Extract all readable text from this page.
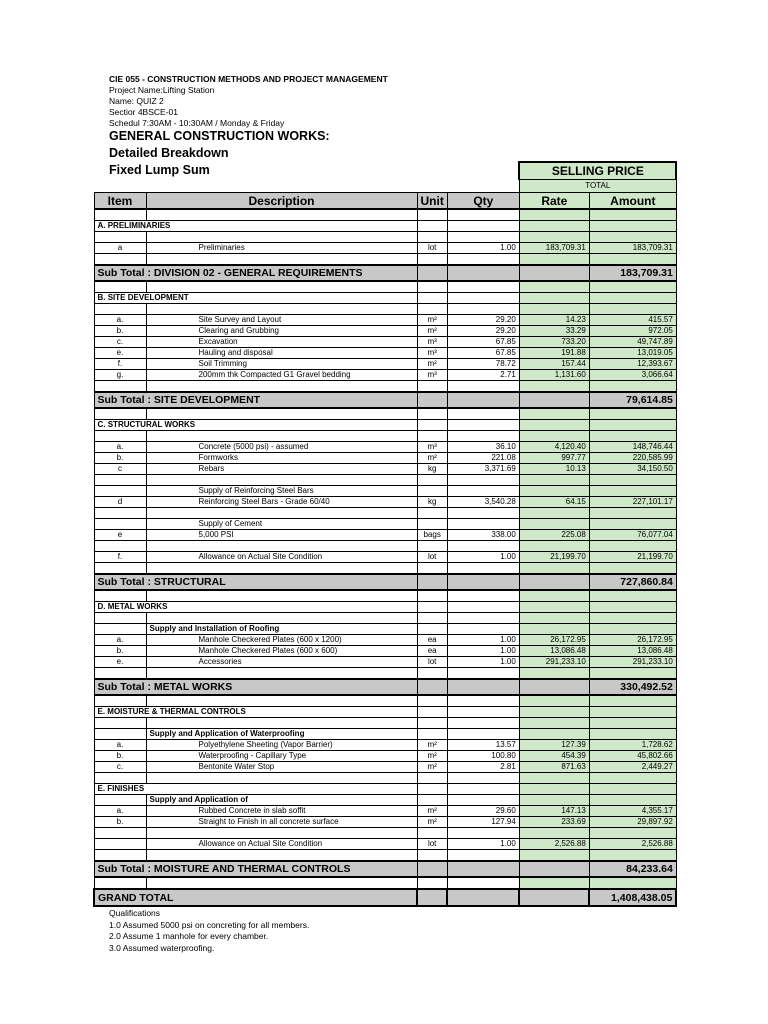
CIE 055 - CONSTRUCTION METHODS AND PROJECT MANAGEMENT
Project Name:Lifting Station
Name: QUIZ 2
Sectior 4BSCE-01
Schedul 7:30AM - 10:30AM / Monday & Friday
GENERAL CONSTRUCTION WORKS:
Detailed Breakdown
Fixed Lump Sum
				SELLING PRICE	
				TOTAL	
Item	Description	Unit	Qty	Rate	Amount

A. PRELIMINARIES					

a	Preliminaries	lot	1.00	183,709.31	183,709.31

Sub Total : DIVISION 02 - GENERAL REQUIREMENTS					183,709.31

B. SITE DEVELOPMENT					

a.	Site Survey and Layout	m²	29.20	14.23	415.57
b.	Clearing and Grubbing	m²	29.20	33.29	972.05
c.	Excavation	m³	67.85	733.20	49,747.89
e.	Hauling and disposal	m³	67.85	191.88	13,019.05
f.	Soil Trimming	m²	78.72	157.44	12,393.67
g.	200mm thk Compacted G1 Gravel bedding	m³	2.71	1,131.60	3,066.64

Sub Total : SITE DEVELOPMENT					79,614.85

C. STRUCTURAL WORKS					

a.	Concrete (5000 psi) - assumed	m³	36.10	4,120.40	148,746.44
b.	Formworks	m²	221.08	997.77	220,585.99
c	Rebars	kg	3,371.69	10.13	34,150.50

	Supply of Reinforcing Steel Bars				
d	Reinforcing Steel Bars - Grade 60/40	kg	3,540.28	64.15	227,101.17

	Supply of Cement				
e	5,000 PSI	bags	338.00	225.08	76,077.04

f.	Allowance on Actual Site Condition	lot	1.00	21,199.70	21,199.70

Sub Total : STRUCTURAL					727,860.84

D. METAL WORKS					

	Supply and Installation of Roofing				
a.	Manhole Checkered Plates (600 x 1200)	ea	1.00	26,172.95	26,172.95
b.	Manhole Checkered Plates (600 x 600)	ea	1.00	13,086.48	13,086.48
e.	Accessories	lot	1.00	291,233.10	291,233.10

Sub Total : METAL WORKS					330,492.52

E. MOISTURE & THERMAL CONTROLS					

	Supply and Application of Waterproofing				
a.	Polyethylene Sheeting (Vapor Barrier)	m²	13.57	127.39	1,728.62
b.	Waterproofing - Capillary Type	m²	100.80	454.39	45,802.66
c.	Bentonite Water Stop	m²	2.81	871.63	2,449.27

E. FINISHES					
	Supply and Application of				
a.	Rubbed Concrete in slab soffit	m²	29.60	147.13	4,355.17
b.	Straight to Finish in all concrete surface	m²	127.94	233.69	29,897.92

	Allowance on Actual Site Condition	lot	1.00	2,526.88	2,526.88

Sub Total : MOISTURE AND THERMAL CONTROLS					84,233.64

GRAND TOTAL					1,408,438.05
Qualifications
1.0 Assumed 5000 psi on concreting for all members.
2.0 Assume 1 manhole for every chamber.
3.0 Assumed waterproofing.
